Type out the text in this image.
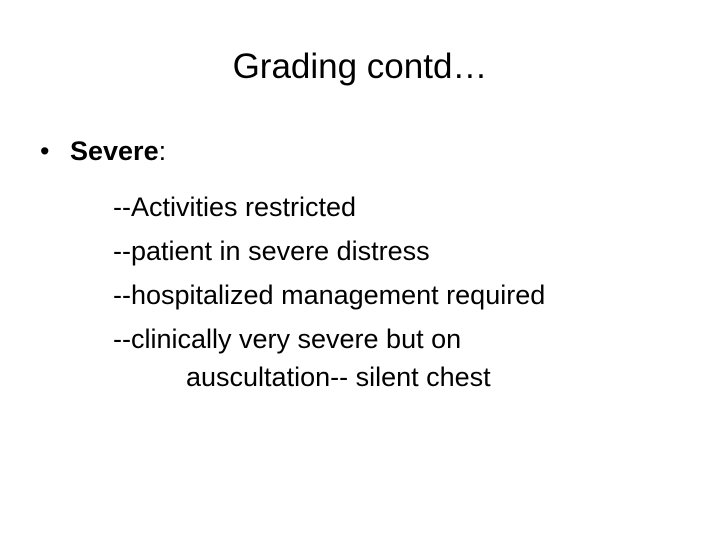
Grading contd…
• Severe:
--Activities restricted
--patient in severe distress
--hospitalized management required
--clinically very severe but on
auscultation-- silent chest
